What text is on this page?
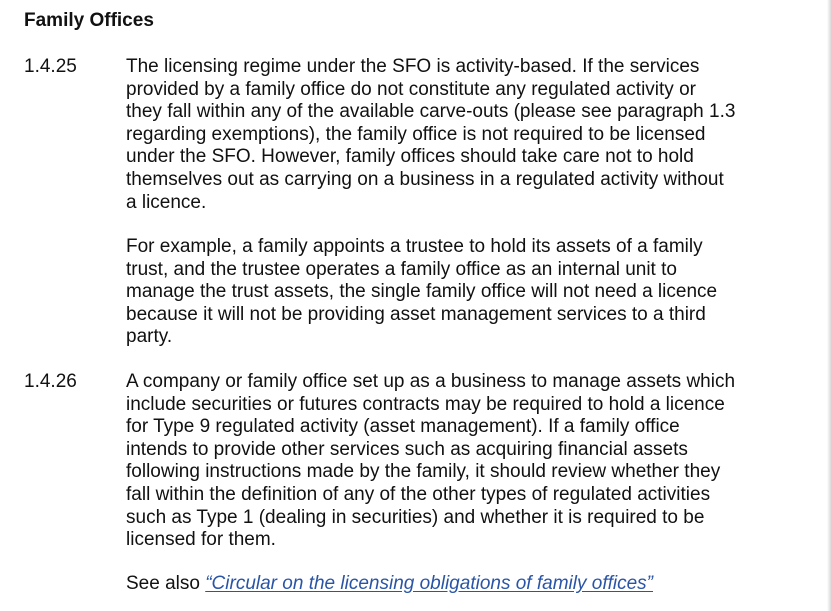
Family Offices
1.4.25	The licensing regime under the SFO is activity-based. If the services
provided by a family office do not constitute any regulated activity or
they fall within any of the available carve-outs (please see paragraph 1.3
regarding exemptions), the family office is not required to be licensed
under the SFO. However, family offices should take care not to hold
themselves out as carrying on a business in a regulated activity without
a licence.
For example, a family appoints a trustee to hold its assets of a family
trust, and the trustee operates a family office as an internal unit to
manage the trust assets, the single family office will not need a licence
because it will not be providing asset management services to a third
party.
1.4.26	A company or family office set up as a business to manage assets which
include securities or futures contracts may be required to hold a licence
for Type 9 regulated activity (asset management). If a family office
intends to provide other services such as acquiring financial assets
following instructions made by the family, it should review whether they
fall within the definition of any of the other types of regulated activities
such as Type 1 (dealing in securities) and whether it is required to be
licensed for them.
See also “Circular on the licensing obligations of family offices”
